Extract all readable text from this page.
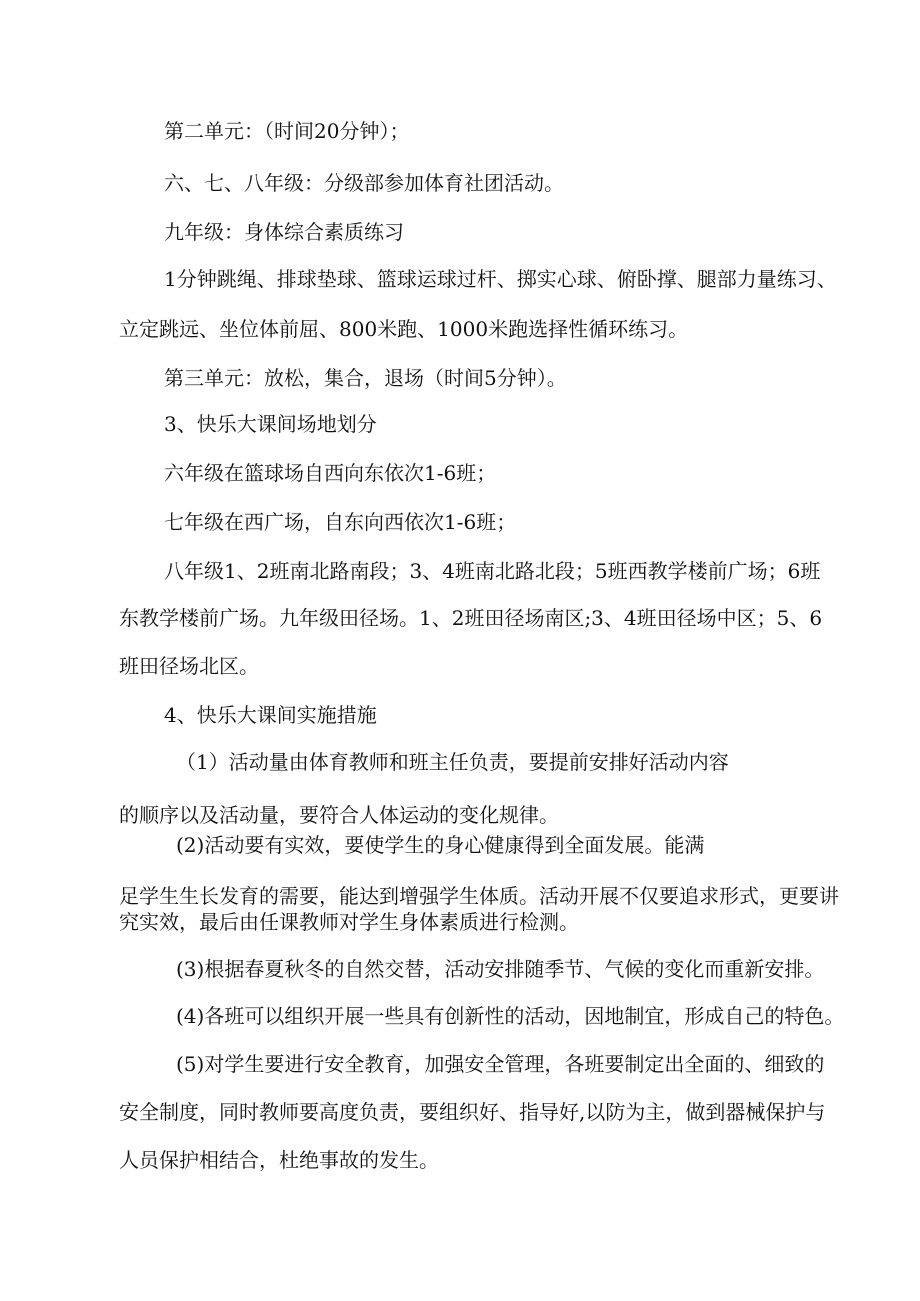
第二单元：（时间20分钟）；
六、七、八年级：分级部参加体育社团活动。
九年级：身体综合素质练习
1分钟跳绳、排球垫球、篮球运球过杆、掷实心球、俯卧撑、腿部力量练习、
立定跳远、坐位体前屈、800米跑、1000米跑选择性循环练习。
第三单元：放松，集合，退场（时间5分钟）。
3、快乐大课间场地划分
六年级在篮球场自西向东依次1-6班；
七年级在西广场，自东向西依次1-6班；
八年级1、2班南北路南段；3、4班南北路北段；5班西教学楼前广场；6班
东教学楼前广场。九年级田径场。1、2班田径场南区;3、4班田径场中区；5、6
班田径场北区。
4、快乐大课间实施措施
（1）活动量由体育教师和班主任负责，要提前安排好活动内容
的顺序以及活动量，要符合人体运动的变化规律。
(2)活动要有实效，要使学生的身心健康得到全面发展。能满
足学生生长发育的需要，能达到增强学生体质。活动开展不仅要追求形式，更要讲
究实效，最后由任课教师对学生身体素质进行检测。
(3)根据春夏秋冬的自然交替，活动安排随季节、气候的变化而重新安排。
(4)各班可以组织开展一些具有创新性的活动，因地制宜，形成自己的特色。
(5)对学生要进行安全教育，加强安全管理，各班要制定出全面的、细致的
安全制度，同时教师要高度负责，要组织好、指导好,以防为主，做到器械保护与
人员保护相结合，杜绝事故的发生。
